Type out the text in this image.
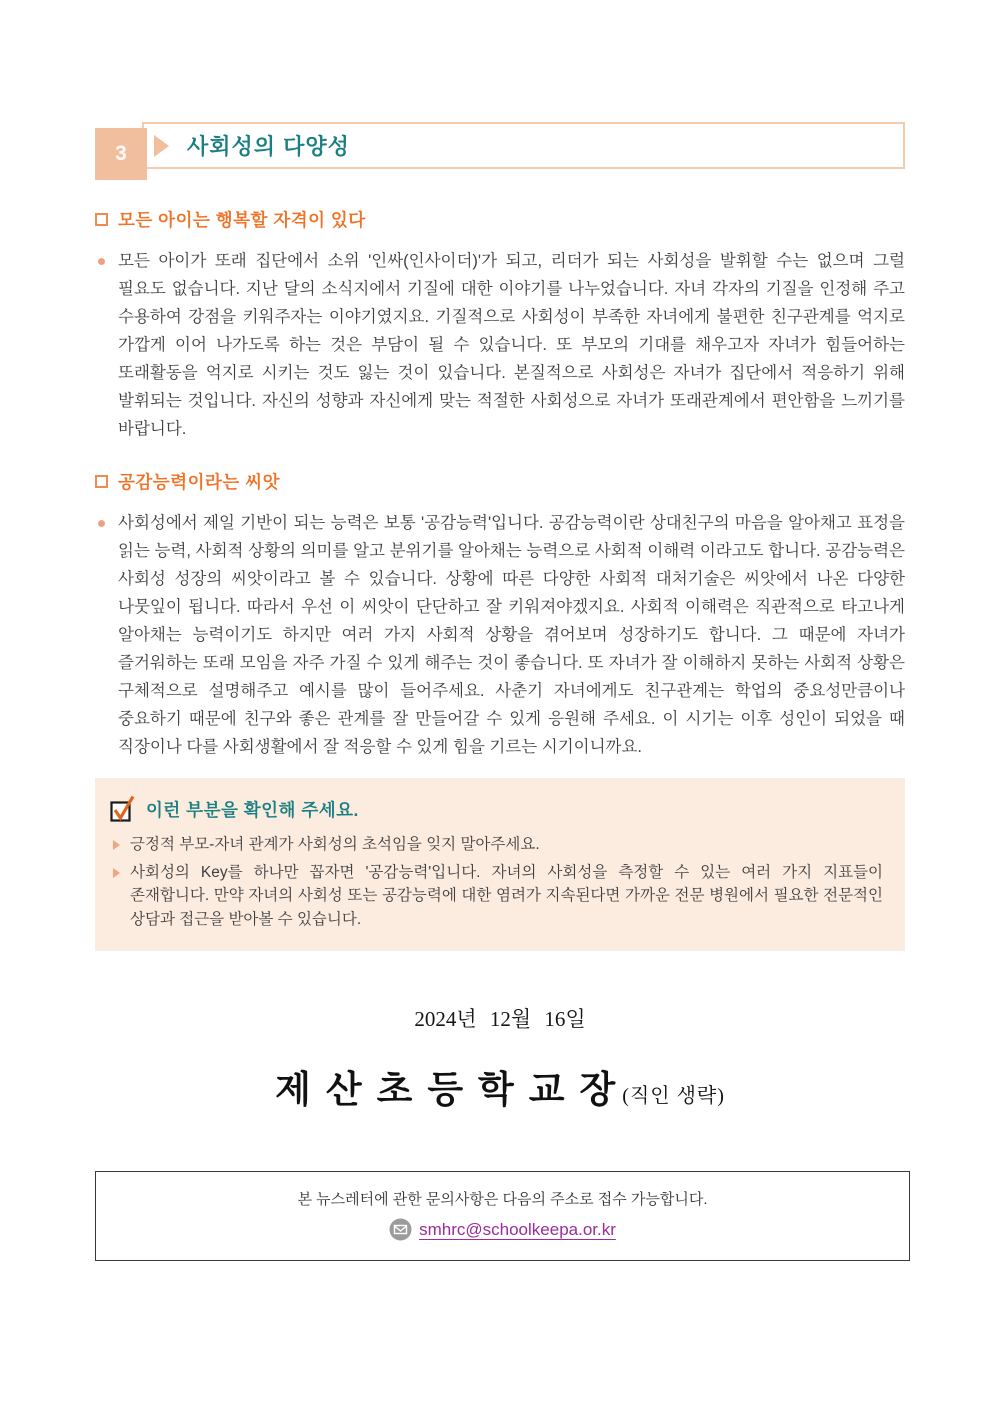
사회성의 다양성
3
모든 아이는 행복할 자격이 있다
모든 아이가 또래 집단에서 소위 '인싸(인사이더)'가 되고, 리더가 되는 사회성을 발휘할 수는 없으며 그럴 필요도 없습니다. 지난 달의 소식지에서 기질에 대한 이야기를 나누었습니다. 자녀 각자의 기질을 인정해 주고 수용하여 강점을 키워주자는 이야기였지요. 기질적으로 사회성이 부족한 자녀에게 불편한 친구관계를 억지로 가깝게 이어 나가도록 하는 것은 부담이 될 수 있습니다. 또 부모의 기대를 채우고자 자녀가 힘들어하는 또래활동을 억지로 시키는 것도 잃는 것이 있습니다. 본질적으로 사회성은 자녀가 집단에서 적응하기 위해 발휘되는 것입니다. 자신의 성향과 자신에게 맞는 적절한 사회성으로 자녀가 또래관계에서 편안함을 느끼기를 바랍니다.
공감능력이라는 씨앗
사회성에서 제일 기반이 되는 능력은 보통 '공감능력'입니다. 공감능력이란 상대친구의 마음을 알아채고 표정을 읽는 능력, 사회적 상황의 의미를 알고 분위기를 알아채는 능력으로 사회적 이해력 이라고도 합니다. 공감능력은 사회성 성장의 씨앗이라고 볼 수 있습니다. 상황에 따른 다양한 사회적 대처기술은 씨앗에서 나온 다양한 나뭇잎이 됩니다. 따라서 우선 이 씨앗이 단단하고 잘 키워져야겠지요. 사회적 이해력은 직관적으로 타고나게 알아채는 능력이기도 하지만 여러 가지 사회적 상황을 겪어보며 성장하기도 합니다. 그 때문에 자녀가 즐거워하는 또래 모임을 자주 가질 수 있게 해주는 것이 좋습니다. 또 자녀가 잘 이해하지 못하는 사회적 상황은 구체적으로 설명해주고 예시를 많이 들어주세요. 사춘기 자녀에게도 친구관계는 학업의 중요성만큼이나 중요하기 때문에 친구와 좋은 관계를 잘 만들어갈 수 있게 응원해 주세요. 이 시기는 이후 성인이 되었을 때 직장이나 다를 사회생활에서 잘 적응할 수 있게 힘을 기르는 시기이니까요.
이런 부분을 확인해 주세요.
긍정적 부모-자녀 관계가 사회성의 초석임을 잊지 말아주세요.
사회성의 Key를 하나만 꼽자면 '공감능력'입니다. 자녀의 사회성을 측정할 수 있는 여러 가지 지표들이 존재합니다. 만약 자녀의 사회성 또는 공감능력에 대한 염려가 지속된다면 가까운 전문 병원에서 필요한 전문적인 상담과 접근을 받아볼 수 있습니다.
2024년 12월 16일
제산초등학교장(직인 생략)
본 뉴스레터에 관한 문의사항은 다음의 주소로 접수 가능합니다.
smhrc@schoolkeepa.or.kr
